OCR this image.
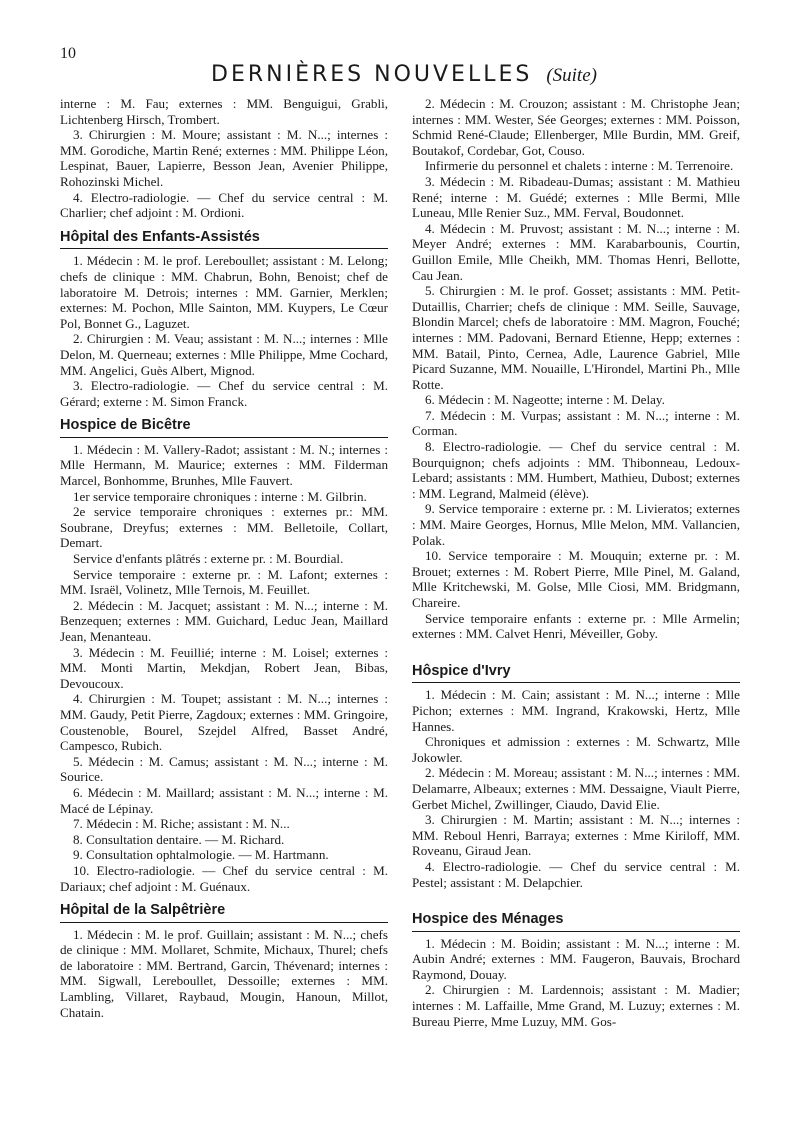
10
DERNIÈRES NOUVELLES (Suite)

interne : M. Fau; externes : MM. Benguigui, Grabli, Lichtenberg Hirsch, Trombert.

3. Chirurgien : M. Moure; assistant : M. N...; internes : MM. Gorodiche, Martin René; externes : MM. Philippe Léon, Lespinat, Bauer, Lapierre, Besson Jean, Avenier Philippe, Rohozinski Michel.

4. Electro-radiologie. — Chef du service central : M. Charlier; chef adjoint : M. Ordioni.

Hôpital des Enfants-Assistés

1. Médecin : M. le prof. Lereboullet; assistant : M. Lelong; chefs de clinique : MM. Chabrun, Bohn, Benoist; chef de laboratoire M. Detrois; internes : MM. Garnier, Merklen; externes: M. Pochon, Mlle Sainton, MM. Kuypers, Le Cœur Pol, Bonnet G., Laguzet.

2. Chirurgien : M. Veau; assistant : M. N...; internes : Mlle Delon, M. Querneau; externes : Mlle Philippe, Mme Cochard, MM. Angelici, Guès Albert, Mignod.

3. Electro-radiologie. — Chef du service central : M. Gérard; externe : M. Simon Franck.

Hospice de Bicêtre

1. Médecin : M. Vallery-Radot; assistant : M. N.; internes : Mlle Hermann, M. Maurice; externes : MM. Filderman Marcel, Bonhomme, Brunhes, Mlle Fauvert.

1er service temporaire chroniques : interne : M. Gilbrin.

2e service temporaire chroniques : externes pr.: MM. Soubrane, Dreyfus; externes : MM. Belletoile, Collart, Demart.

Service d'enfants plâtrés : externe pr. : M. Bourdial.

Service temporaire : externe pr. : M. Lafont; externes : MM. Israël, Volinetz, Mlle Ternois, M. Feuillet.

2. Médecin : M. Jacquet; assistant : M. N...; interne : M. Benzequen; externes : MM. Guichard, Leduc Jean, Maillard Jean, Menanteau.

3. Médecin : M. Feuillié; interne : M. Loisel; externes : MM. Monti Martin, Mekdjan, Robert Jean, Bibas, Devoucoux.

4. Chirurgien : M. Toupet; assistant : M. N...; internes : MM. Gaudy, Petit Pierre, Zagdoux; externes : MM. Gringoire, Coustenoble, Bourel, Szejdel Alfred, Basset André, Campesco, Rubich.

5. Médecin : M. Camus; assistant : M. N...; interne : M. Sourice.

6. Médecin : M. Maillard; assistant : M. N...; interne : M. Macé de Lépinay.

7. Médecin : M. Riche; assistant : M. N...

8. Consultation dentaire. — M. Richard.

9. Consultation ophtalmologie. — M. Hartmann.

10. Electro-radiologie. — Chef du service central : M. Dariaux; chef adjoint : M. Guénaux.

Hôpital de la Salpêtrière

1. Médecin : M. le prof. Guillain; assistant : M. N...; chefs de clinique : MM. Mollaret, Schmite, Michaux, Thurel; chefs de laboratoire : MM. Bertrand, Garcin, Thévenard; internes : MM. Sigwall, Lereboullet, Dessoille; externes : MM. Lambling, Villaret, Raybaud, Mougin, Hanoun, Millot, Chatain.

2. Médecin : M. Crouzon; assistant : M. Christophe Jean; internes : MM. Wester, Sée Georges; externes : MM. Poisson, Schmid René-Claude; Ellenberger, Mlle Burdin, MM. Greif, Boutakof, Cordebar, Got, Couso.

Infirmerie du personnel et chalets : interne : M. Terrenoire.

3. Médecin : M. Ribadeau-Dumas; assistant : M. Mathieu René; interne : M. Guédé; externes : Mlle Bermi, Mlle Luneau, Mlle Renier Suz., MM. Ferval, Boudonnet.

4. Médecin : M. Pruvost; assistant : M. N...; interne : M. Meyer André; externes : MM. Karabarbounis, Courtin, Guillon Emile, Mlle Cheikh, MM. Thomas Henri, Bellotte, Cau Jean.

5. Chirurgien : M. le prof. Gosset; assistants : MM. Petit-Dutaillis, Charrier; chefs de clinique : MM. Seille, Sauvage, Blondin Marcel; chefs de laboratoire : MM. Magron, Fouché; internes : MM. Padovani, Bernard Etienne, Hepp; externes : MM. Batail, Pinto, Cernea, Adle, Laurence Gabriel, Mlle Picard Suzanne, MM. Nouaille, L'Hirondel, Martini Ph., Mlle Rotte.

6. Médecin : M. Nageotte; interne : M. Delay.

7. Médecin : M. Vurpas; assistant : M. N...; interne : M. Corman.

8. Electro-radiologie. — Chef du service central : M. Bourquignon; chefs adjoints : MM. Thibonneau, Ledoux-Lebard; assistants : MM. Humbert, Mathieu, Dubost; externes : MM. Legrand, Malmeid (élève).

9. Service temporaire : externe pr. : M. Livieratos; externes : MM. Maire Georges, Hornus, Mlle Melon, MM. Vallancien, Polak.

10. Service temporaire : M. Mouquin; externe pr. : M. Brouet; externes : M. Robert Pierre, Mlle Pinel, M. Galand, Mlle Kritchewski, M. Golse, Mlle Ciosi, MM. Bridgmann, Chareire.

Service temporaire enfants : externe pr. : Mlle Armelin; externes : MM. Calvet Henri, Méveiller, Goby.

Hôspice d'Ivry

1. Médecin : M. Cain; assistant : M. N...; interne : Mlle Pichon; externes : MM. Ingrand, Krakowski, Hertz, Mlle Hannes.

Chroniques et admission : externes : M. Schwartz, Mlle Jokowler.

2. Médecin : M. Moreau; assistant : M. N...; internes : MM. Delamarre, Albeaux; externes : MM. Dessaigne, Viault Pierre, Gerbet Michel, Zwillinger, Ciaudo, David Elie.

3. Chirurgien : M. Martin; assistant : M. N...; internes : MM. Reboul Henri, Barraya; externes : Mme Kiriloff, MM. Roveanu, Giraud Jean.

4. Electro-radiologie. — Chef du service central : M. Pestel; assistant : M. Delapchier.

Hospice des Ménages

1. Médecin : M. Boidin; assistant : M. N...; interne : M. Aubin André; externes : MM. Faugeron, Bauvais, Brochard Raymond, Douay.

2. Chirurgien : M. Lardennois; assistant : M. Madier; internes : M. Laffaille, Mme Grand, M. Luzuy; externes : M. Bureau Pierre, Mme Luzuy, MM. Gos-
